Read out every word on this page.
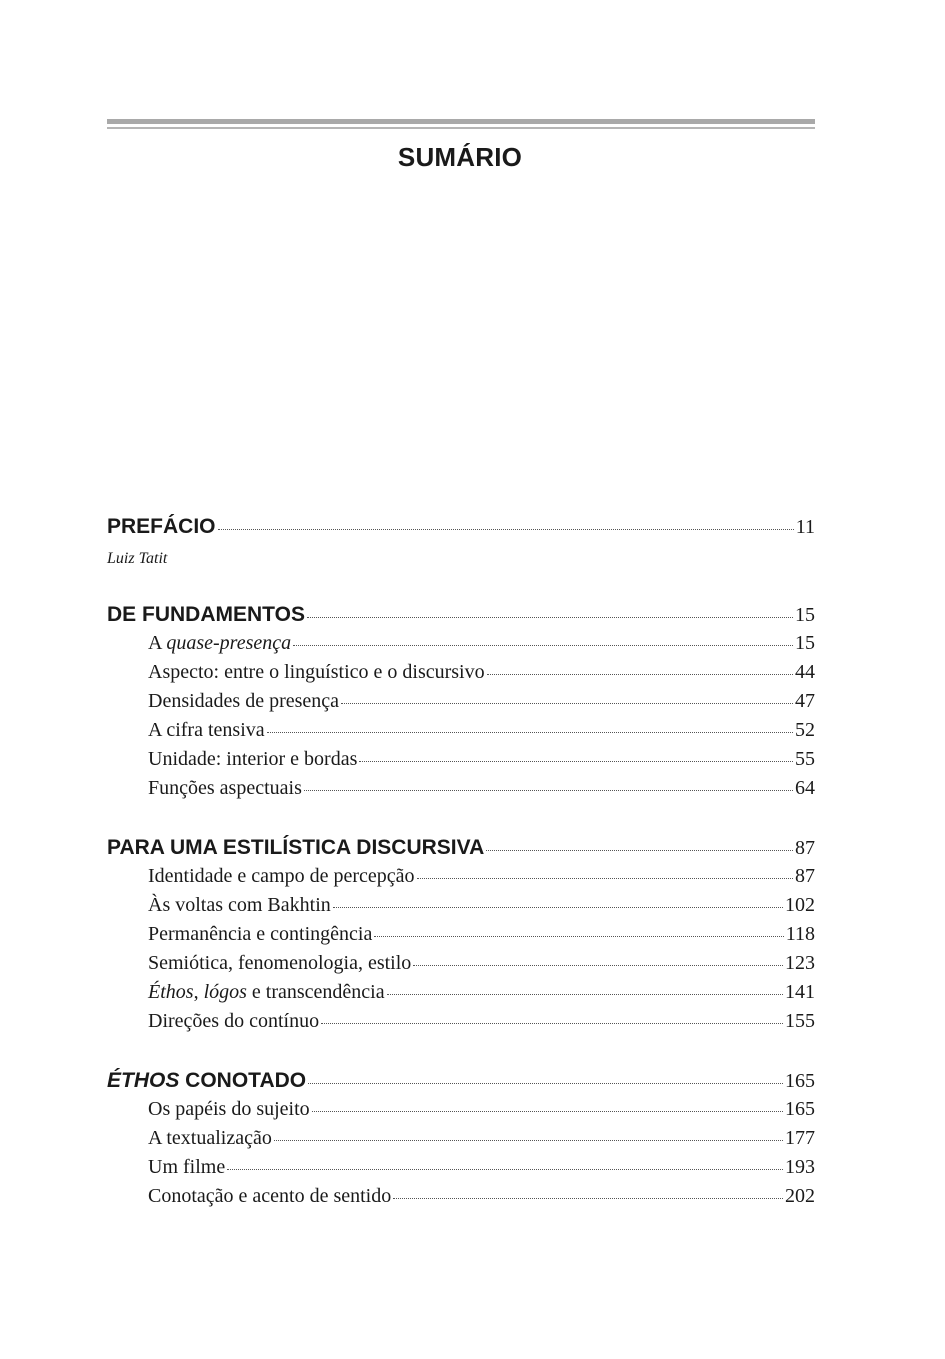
SUMÁRIO
PREFÁCIO	11
Luiz Tatit
DE FUNDAMENTOS	15
A quase-presença	15
Aspecto: entre o linguístico e o discursivo	44
Densidades de presença	47
A cifra tensiva	52
Unidade: interior e bordas	55
Funções aspectuais	64
PARA UMA ESTILÍSTICA DISCURSIVA	87
Identidade e campo de percepção	87
Às voltas com Bakhtin	102
Permanência e contingência	118
Semiótica, fenomenologia, estilo	123
Éthos, lógos e transcendência	141
Direções do contínuo	155
ÉTHOS CONOTADO	165
Os papéis do sujeito	165
A textualização	177
Um filme	193
Conotação e acento de sentido	202
